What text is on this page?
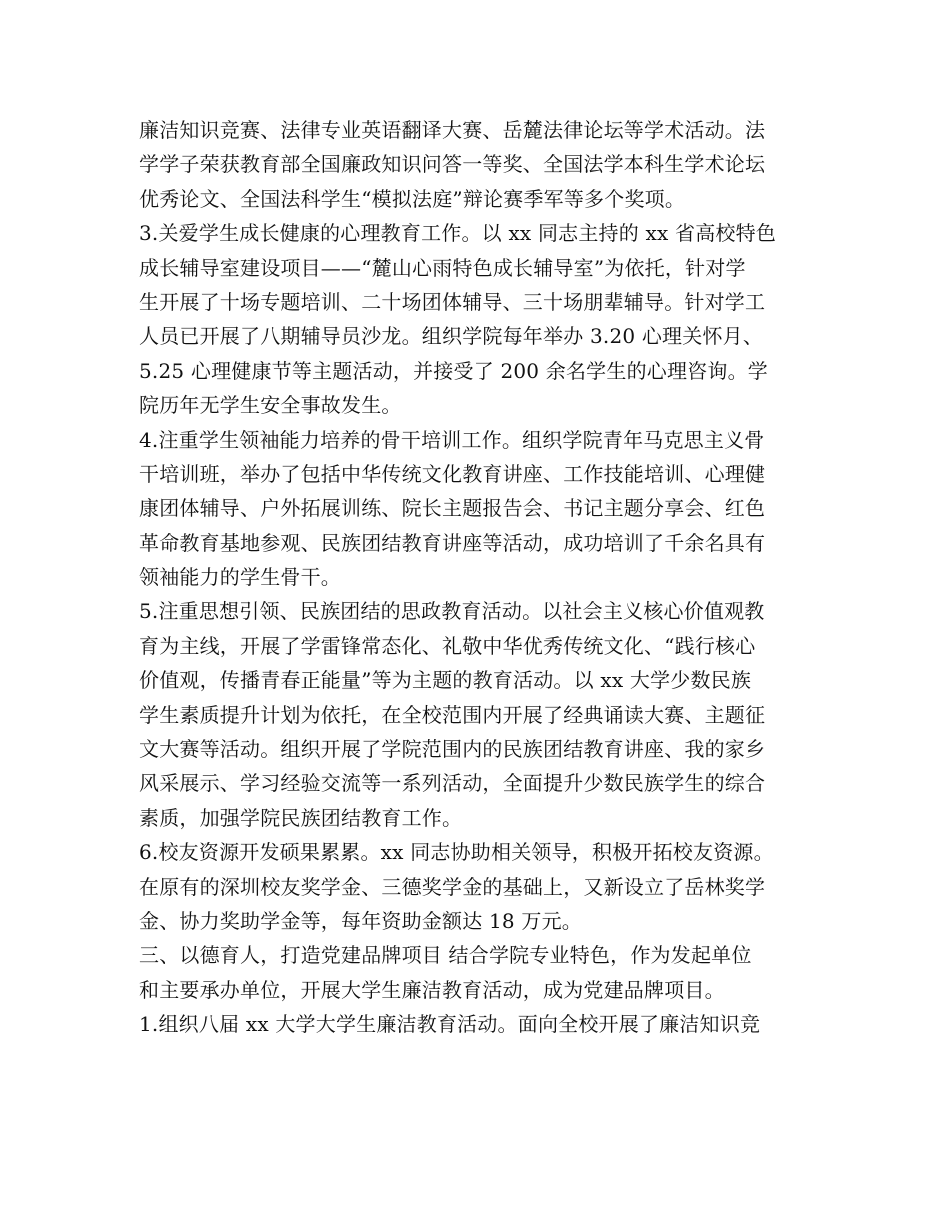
廉洁知识竞赛、法律专业英语翻译大赛、岳麓法律论坛等学术活动。法
学学子荣获教育部全国廉政知识问答一等奖、全国法学本科生学术论坛
优秀论文、全国法科学生“模拟法庭”辩论赛季军等多个奖项。
3.关爱学生成长健康的心理教育工作。以 xx 同志主持的 xx 省高校特色
成长辅导室建设项目——“麓山心雨特色成长辅导室”为依托，针对学
生开展了十场专题培训、二十场团体辅导、三十场朋辈辅导。针对学工
人员已开展了八期辅导员沙龙。组织学院每年举办 3.20 心理关怀月、
5.25 心理健康节等主题活动，并接受了 200 余名学生的心理咨询。学
院历年无学生安全事故发生。
4.注重学生领袖能力培养的骨干培训工作。组织学院青年马克思主义骨
干培训班，举办了包括中华传统文化教育讲座、工作技能培训、心理健
康团体辅导、户外拓展训练、院长主题报告会、书记主题分享会、红色
革命教育基地参观、民族团结教育讲座等活动，成功培训了千余名具有
领袖能力的学生骨干。
5.注重思想引领、民族团结的思政教育活动。以社会主义核心价值观教
育为主线，开展了学雷锋常态化、礼敬中华优秀传统文化、“践行核心
价值观，传播青春正能量”等为主题的教育活动。以 xx 大学少数民族
学生素质提升计划为依托，在全校范围内开展了经典诵读大赛、主题征
文大赛等活动。组织开展了学院范围内的民族团结教育讲座、我的家乡
风采展示、学习经验交流等一系列活动，全面提升少数民族学生的综合
素质，加强学院民族团结教育工作。
6.校友资源开发硕果累累。xx 同志协助相关领导，积极开拓校友资源。
在原有的深圳校友奖学金、三德奖学金的基础上，又新设立了岳林奖学
金、协力奖助学金等，每年资助金额达 18 万元。
三、以德育人，打造党建品牌项目 结合学院专业特色，作为发起单位
和主要承办单位，开展大学生廉洁教育活动，成为党建品牌项目。
1.组织八届 xx 大学大学生廉洁教育活动。面向全校开展了廉洁知识竞
